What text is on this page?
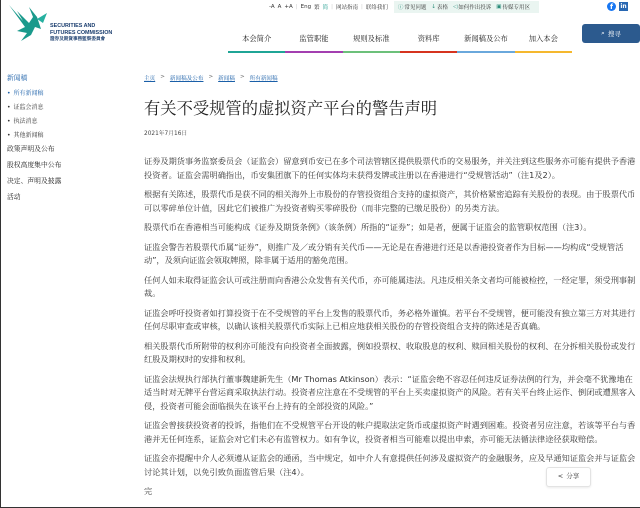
SECURITIES AND
FUTURES COMMISSION
證券及期貨事務監察委員會
-A A +A | Eng 繁 简 | 网站指南 | 联络我们 ⓘ 常见问题 ↓ 表格 ◁ 如何作出投诉 ▣ 传媒专用区	f	in
⌕ 搜寻
本会简介	监管职能	规则及标准	资料库	新闻稿及公布	加入本会
新闻稿
• 所有新闻稿
• 证监会消息
• 执法消息
• 其他新闻稿
政策声明及公布
股权高度集中公布
决定、声明及披露
活动
主页 > 新闻稿及公布 > 新闻稿 > 所有新闻稿
有关不受规管的虚拟资产平台的警告声明
2021年7月16日

证券及期货事务监察委员会（证监会）留意到币安已在多个司法管辖区提供股票代币的交易服务，并关注到这些服务亦可能有提供予香港投资者。证监会需明确指出，币安集团旗下的任何实体均未获得发牌或注册以在香港进行“受规管活动”（注1及2）。

根据有关陈述，股票代币是获不同的相关海外上市股份的存管投资组合支持的虚拟资产，其价格紧密追踪有关股份的表现。由于股票代币可以零碎单位计值，因此它们被推广为投资者购买零碎股份（而非完整的已缴足股份）的另类方法。

股票代币在香港相当可能构成《证券及期货条例》（该条例）所指的“证券”；如是者，便属于证监会的监管职权范围（注3）。

证监会警告若股票代币属“证券”，则推广及／或分销有关代币——无论是在香港进行还是以香港投资者作为目标——均构成“受规管活动”，及须向证监会领取牌照，除非属于适用的豁免范围。

任何人如未取得证监会认可或注册而向香港公众发售有关代币，亦可能属违法。凡违反相关条文者均可能被检控，一经定罪，须受刑事制裁。

证监会呼吁投资者如打算投资于在不受规管的平台上发售的股票代币，务必格外谨慎。若平台不受规管，便可能没有独立第三方对其进行任何尽职审查或审核，以确认该相关股票代币实际上已相应地获相关股份的存管投资组合支持的陈述是否真确。

相关股票代币所附带的权利亦可能没有向投资者全面披露，例如投票权、收取股息的权利、赎回相关股份的权利、在分拆相关股份或发行红股及期权时的安排和权利。

证监会法规执行部执行董事魏建新先生（Mr Thomas Atkinson）表示：“证监会绝不容忍任何违反证券法例的行为，并会毫不犹豫地在适当时对无牌平台营运商采取执法行动。投资者应注意在不受规管的平台上买卖虚拟资产的风险。若有关平台终止运作、倒闭或遭黑客入侵，投资者可能会面临损失在该平台上持有的全部投资的风险。”

证监会曾接获投资者的投诉，指他们在不受规管平台开设的帐户提取法定货币或虚拟资产时遇到困难。投资者另应注意，若该等平台与香港并无任何连系，证监会对它们未必有监管权力。如有争议，投资者相当可能难以提出申索，亦可能无法循法律途径获取赔偿。

证监会亦提醒中介人必须遵从证监会的通函，当中规定，如中介人有意提供任何涉及虚拟资产的金融服务，应及早通知证监会并与证监会讨论其计划，以免引致负面监管后果（注4）。

完

< 分享
